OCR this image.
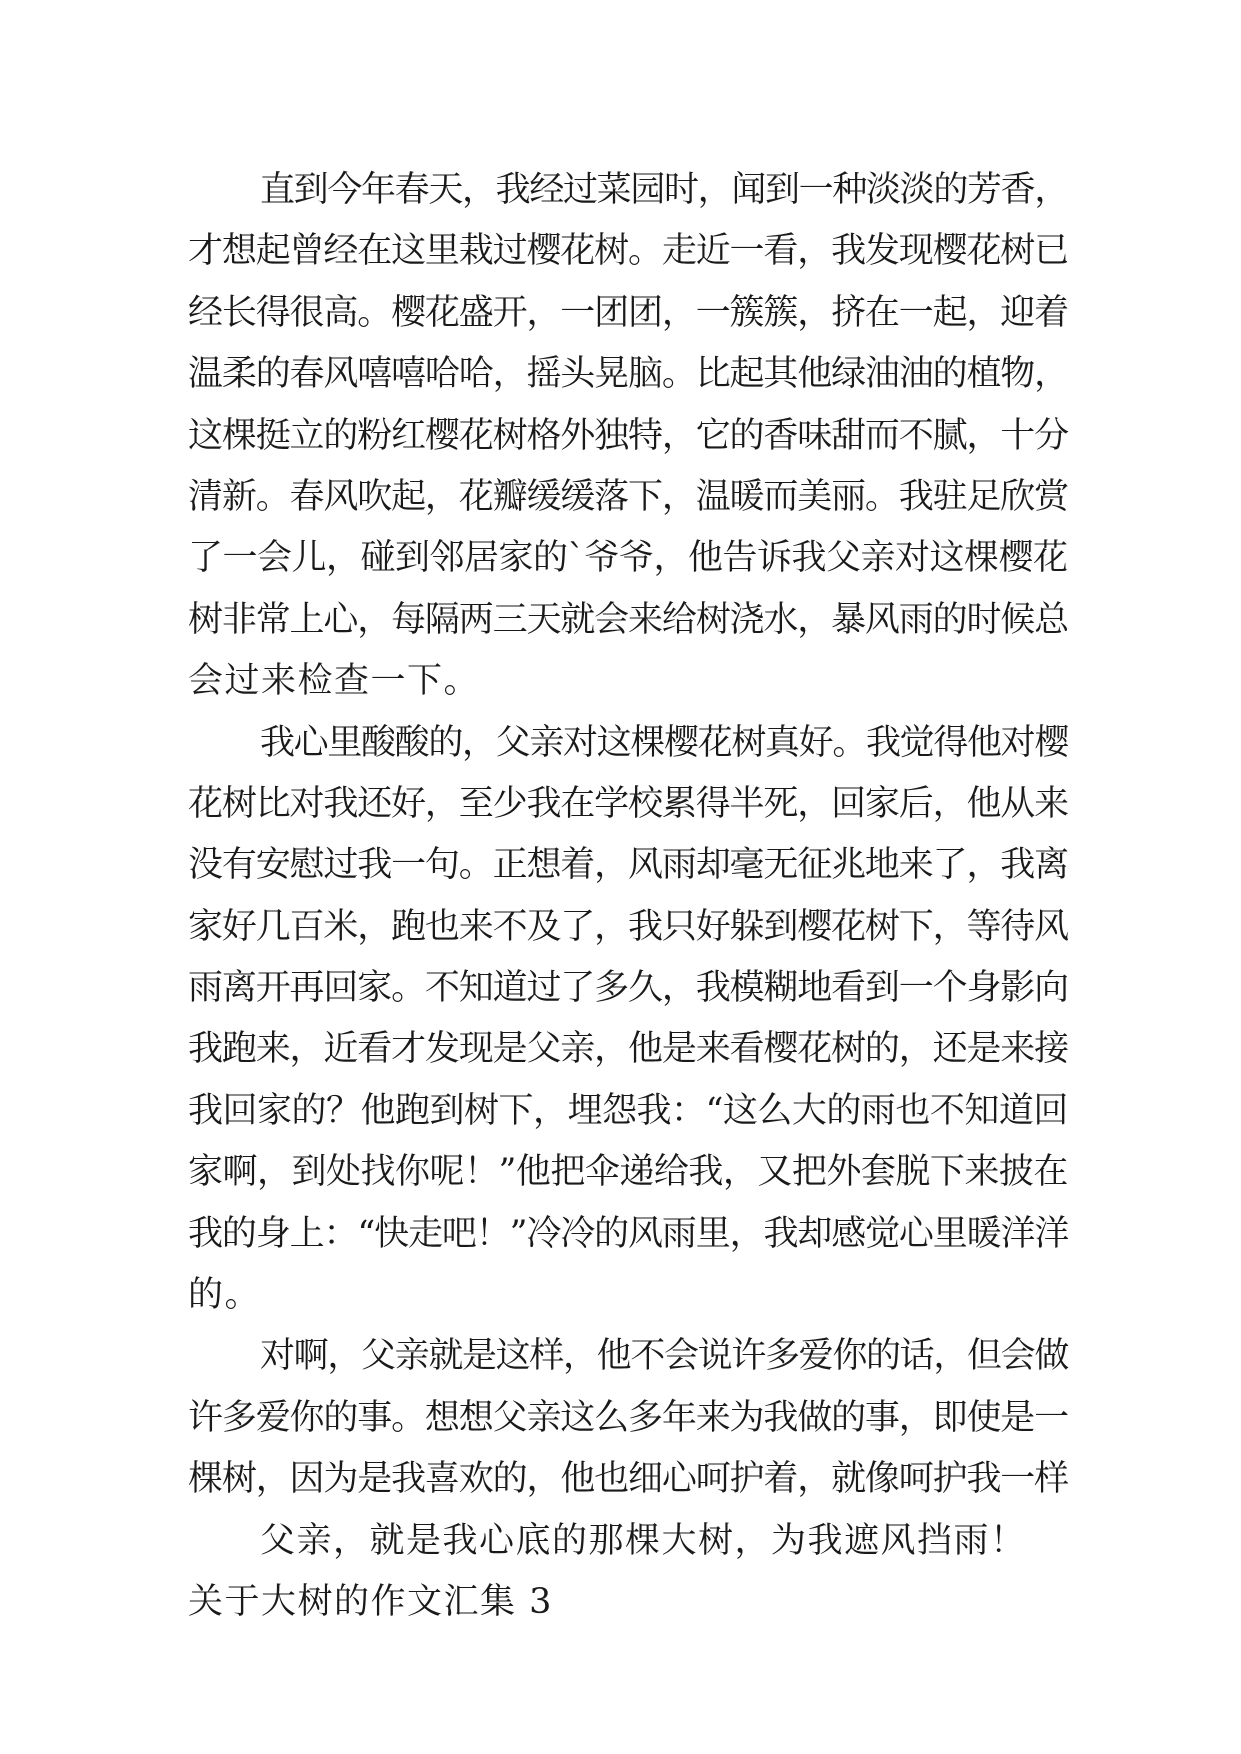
直到今年春天，我经过菜园时，闻到一种淡淡的芳香，
才想起曾经在这里栽过樱花树。走近一看，我发现樱花树已
经长得很高。樱花盛开，一团团，一簇簇，挤在一起，迎着
温柔的春风嘻嘻哈哈，摇头晃脑。比起其他绿油油的植物，
这棵挺立的粉红樱花树格外独特，它的香味甜而不腻，十分
清新。春风吹起，花瓣缓缓落下，温暖而美丽。我驻足欣赏
了一会儿，碰到邻居家的`爷爷，他告诉我父亲对这棵樱花
树非常上心，每隔两三天就会来给树浇水，暴风雨的时候总
会过来检查一下。
我心里酸酸的，父亲对这棵樱花树真好。我觉得他对樱
花树比对我还好，至少我在学校累得半死，回家后，他从来
没有安慰过我一句。正想着，风雨却毫无征兆地来了，我离
家好几百米，跑也来不及了，我只好躲到樱花树下，等待风
雨离开再回家。不知道过了多久，我模糊地看到一个身影向
我跑来，近看才发现是父亲，他是来看樱花树的，还是来接
我回家的？他跑到树下，埋怨我：“这么大的雨也不知道回
家啊，到处找你呢！”他把伞递给我，又把外套脱下来披在
我的身上：“快走吧！”冷冷的风雨里，我却感觉心里暖洋洋
的。
对啊，父亲就是这样，他不会说许多爱你的话，但会做
许多爱你的事。想想父亲这么多年来为我做的事，即使是一
棵树，因为是我喜欢的，他也细心呵护着，就像呵护我一样
父亲，就是我心底的那棵大树，为我遮风挡雨！
关于大树的作文汇集 3
